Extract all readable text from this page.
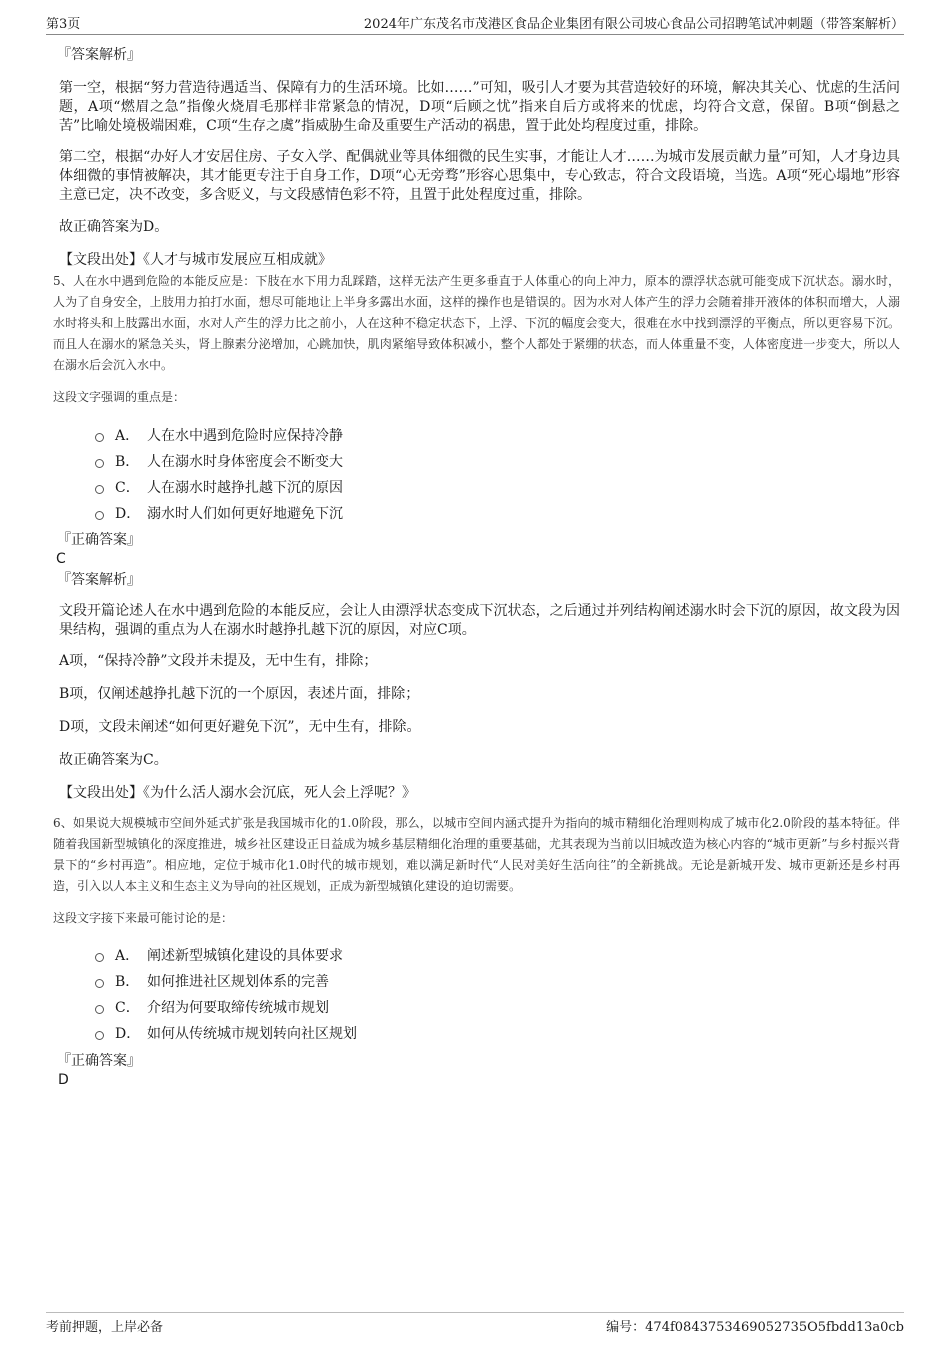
第3页	2024年广东茂名市茂港区食品企业集团有限公司坡心食品公司招聘笔试冲刺题（带答案解析）
『答案解析』

第一空，根据“努力营造待遇适当、保障有力的生活环境。比如……”可知，吸引人才要为其营造较好的环境，解决其关心、忧虑的生活问题，A项“燃眉之急”指像火烧眉毛那样非常紧急的情况，D项“后顾之忧”指来自后方或将来的忧虑，均符合文意，保留。B项“倒悬之苦”比喻处境极端困难，C项“生存之虞”指威胁生命及重要生产活动的祸患，置于此处均程度过重，排除。

第二空，根据“办好人才安居住房、子女入学、配偶就业等具体细微的民生实事，才能让人才……为城市发展贡献力量”可知，人才身边具体细微的事情被解决，其才能更专注于自身工作，D项“心无旁骛”形容心思集中，专心致志，符合文段语境，当选。A项“死心塌地”形容主意已定，决不改变，多含贬义，与文段感情色彩不符，且置于此处程度过重，排除。

故正确答案为D。

【文段出处】《人才与城市发展应互相成就》

5、人在水中遇到危险的本能反应是：下肢在水下用力乱踩踏，这样无法产生更多垂直于人体重心的向上冲力，原本的漂浮状态就可能变成下沉状态。溺水时，人为了自身安全，上肢用力拍打水面，想尽可能地让上半身多露出水面，这样的操作也是错误的。因为水对人体产生的浮力会随着排开液体的体积而增大，人溺水时将头和上肢露出水面，水对人产生的浮力比之前小，人在这种不稳定状态下，上浮、下沉的幅度会变大，很难在水中找到漂浮的平衡点，所以更容易下沉。而且人在溺水的紧急关头，肾上腺素分泌增加，心跳加快，肌肉紧缩导致体积减小，整个人都处于紧绷的状态，而人体重量不变，人体密度进一步变大，所以人在溺水后会沉入水中。

这段文字强调的重点是：

A． 人在水中遇到危险时应保持冷静
B． 人在溺水时身体密度会不断变大
C． 人在溺水时越挣扎越下沉的原因
D． 溺水时人们如何更好地避免下沉
『正确答案』
C
『答案解析』

文段开篇论述人在水中遇到危险的本能反应，会让人由漂浮状态变成下沉状态，之后通过并列结构阐述溺水时会下沉的原因，故文段为因果结构，强调的重点为人在溺水时越挣扎越下沉的原因，对应C项。

A项，“保持冷静”文段并未提及，无中生有，排除；

B项，仅阐述越挣扎越下沉的一个原因，表述片面，排除；

D项，文段未阐述“如何更好避免下沉”，无中生有，排除。

故正确答案为C。

【文段出处】《为什么活人溺水会沉底，死人会上浮呢？》

6、如果说大规模城市空间外延式扩张是我国城市化的1.0阶段，那么，以城市空间内涵式提升为指向的城市精细化治理则构成了城市化2.0阶段的基本特征。伴随着我国新型城镇化的深度推进，城乡社区建设正日益成为城乡基层精细化治理的重要基础，尤其表现为当前以旧城改造为核心内容的“城市更新”与乡村振兴背景下的“乡村再造”。相应地，定位于城市化1.0时代的城市规划，难以满足新时代“人民对美好生活向往”的全新挑战。无论是新城开发、城市更新还是乡村再造，引入以人本主义和生态主义为导向的社区规划，正成为新型城镇化建设的迫切需要。

这段文字接下来最可能讨论的是：

A． 阐述新型城镇化建设的具体要求
B． 如何推进社区规划体系的完善
C． 介绍为何要取缔传统城市规划
D． 如何从传统城市规划转向社区规划
『正确答案』
D
考前押题，上岸必备	编号：474f0843753469052735O5fbdd13a0cb
